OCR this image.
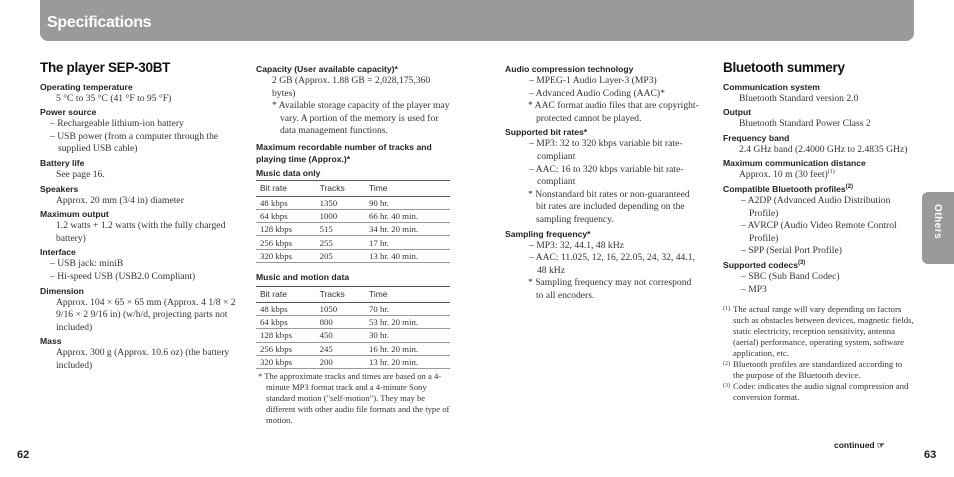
Specifications
Others
The player SEP-30BT
Operating temperature
5 °C to 35 °C (41 °F to 95 °F)
Power source
– Rechargeable lithium-ion battery
– USB power (from a computer through the supplied USB cable)
Battery life
See page 16.
Speakers
Approx. 20 mm (3/4 in) diameter
Maximum output
1.2 watts + 1.2 watts (with the fully charged battery)
Interface
– USB jack: miniB
– Hi-speed USB (USB2.0 Compliant)
Dimension
Approx. 104 × 65 × 65 mm (Approx. 4 1/8 × 2 9/16 × 2 9/16 in) (w/h/d, projecting parts not included)
Mass
Approx. 300 g (Approx. 10.6 oz) (the battery included)
Capacity (User available capacity)*
2 GB (Approx. 1.88 GB = 2,028,175,360 bytes)
* Available storage capacity of the player may vary. A portion of the memory is used for data management functions.
Maximum recordable number of tracks and playing time (Approx.)*
Music data only
Bit rate	Tracks	Time
48 kbps	1350	90 hr.
64 kbps	1000	66 hr. 40 min.
128 kbps	515	34 hr. 20 min.
256 kbps	255	17 hr.
320 kbps	205	13 hr. 40 min.
Music and motion data
Bit rate	Tracks	Time
48 kbps	1050	70 hr.
64 kbps	800	53 hr. 20 min.
128 kbps	450	30 hr.
256 kbps	245	16 hr. 20 min.
320 kbps	200	13 hr. 20 min.
* The approximate tracks and times are based on a 4-minute MP3 format track and a 4-minute Sony standard motion ("self-motion"). They may be different with other audio file formats and the type of motion.
Audio compression technology
– MPEG-1 Audio Layer-3 (MP3)
– Advanced Audio Coding (AAC)*
* AAC format audio files that are copyright-protected cannot be played.
Supported bit rates*
– MP3: 32 to 320 kbps variable bit rate-compliant
– AAC: 16 to 320 kbps variable bit rate-compliant
* Nonstandard bit rates or non-guaranteed bit rates are included depending on the sampling frequency.
Sampling frequency*
– MP3: 32, 44.1, 48 kHz
– AAC: 11.025, 12, 16, 22.05, 24, 32, 44.1, 48 kHz
* Sampling frequency may not correspond to all encoders.
Bluetooth summery
Communication system
Bluetooth Standard version 2.0
Output
Bluetooth Standard Power Class 2
Frequency band
2.4 GHz band (2.4000 GHz to 2.4835 GHz)
Maximum communication distance
Approx. 10 m (30 feet)$^{(1)}$
Compatible Bluetooth profiles$^{(2)}$
– A2DP (Advanced Audio Distribution Profile)
– AVRCP (Audio Video Remote Control Profile)
– SPP (Serial Port Profile)
Supported codecs$^{(3)}$
– SBC (Sub Band Codec)
– MP3
(1) The actual range will vary depending on factors such as obstacles between devices, magnetic fields, static electricity, reception sensitivity, antenna (aerial) performance, operating system, software application, etc.
(2) Bluetooth profiles are standardized according to the purpose of the Bluetooth device.
(3) Codec indicates the audio signal compression and conversion format.
62	63
continued ☞
